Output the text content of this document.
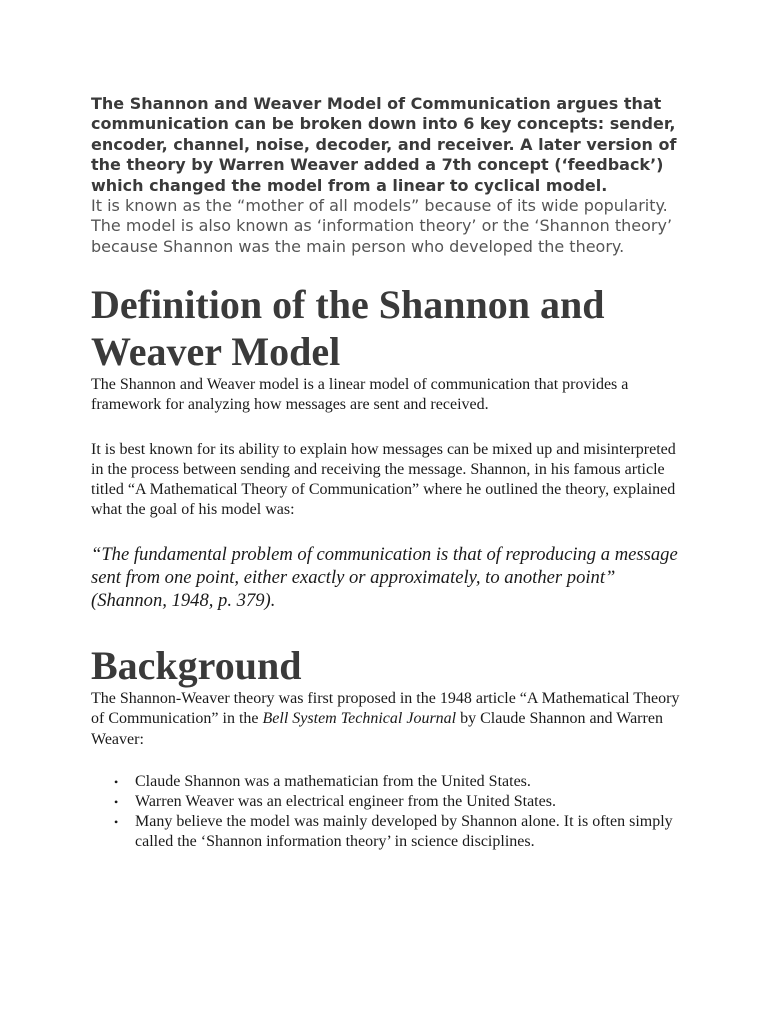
The Shannon and Weaver Model of Communication argues that communication can be broken down into 6 key concepts: sender, encoder, channel, noise, decoder, and receiver. A later version of the theory by Warren Weaver added a 7th concept (‘feedback’) which changed the model from a linear to cyclical model.

It is known as the “mother of all models” because of its wide popularity. The model is also known as ‘information theory’ or the ‘Shannon theory’ because Shannon was the main person who developed the theory.

Definition of the Shannon and Weaver Model

The Shannon and Weaver model is a linear model of communication that provides a framework for analyzing how messages are sent and received.

It is best known for its ability to explain how messages can be mixed up and misinterpreted in the process between sending and receiving the message. Shannon, in his famous article titled “A Mathematical Theory of Communication” where he outlined the theory, explained what the goal of his model was:

“The fundamental problem of communication is that of reproducing a message sent from one point, either exactly or approximately, to another point” (Shannon, 1948, p. 379).

Background

The Shannon-Weaver theory was first proposed in the 1948 article “A Mathematical Theory of Communication” in the Bell System Technical Journal by Claude Shannon and Warren Weaver:

• Claude Shannon was a mathematician from the United States.
• Warren Weaver was an electrical engineer from the United States.
• Many believe the model was mainly developed by Shannon alone. It is often simply called the ‘Shannon information theory’ in science disciplines.
